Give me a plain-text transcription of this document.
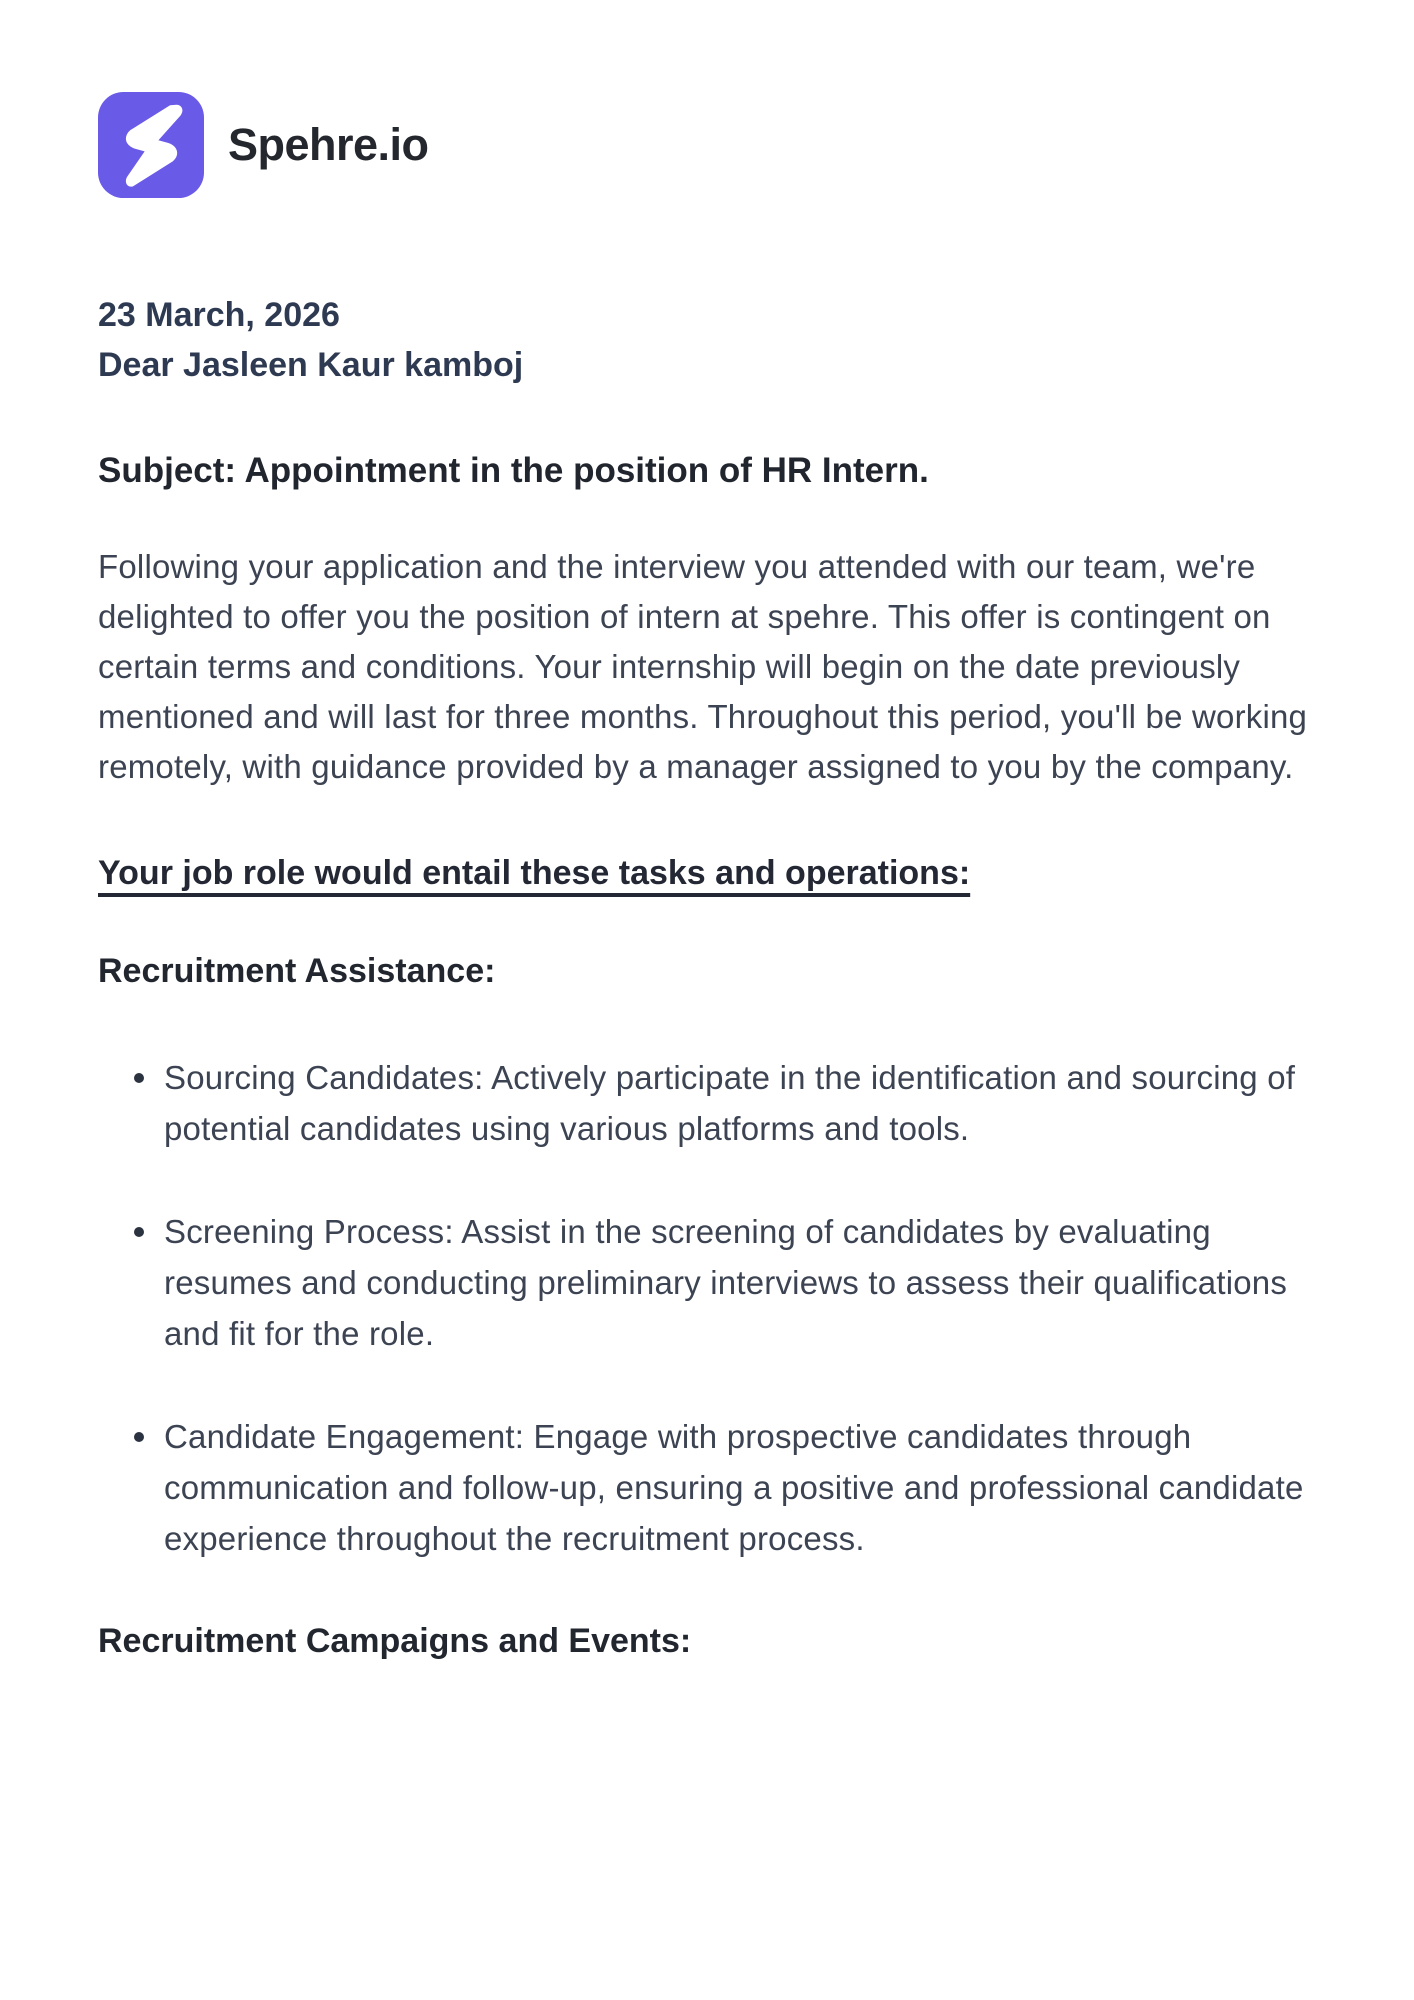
Spehre.io

23 March, 2026

Dear Jasleen Kaur kamboj

Subject: Appointment in the position of HR Intern.

Following your application and the interview you attended with our team, we're delighted to offer you the position of intern at spehre. This offer is contingent on certain terms and conditions. Your internship will begin on the date previously mentioned and will last for three months. Throughout this period, you'll be working remotely, with guidance provided by a manager assigned to you by the company.

Your job role would entail these tasks and operations:
Recruitment Assistance:
Sourcing Candidates: Actively participate in the identification and sourcing of potential candidates using various platforms and tools.
Screening Process: Assist in the screening of candidates by evaluating resumes and conducting preliminary interviews to assess their qualifications and fit for the role.
Candidate Engagement: Engage with prospective candidates through communication and follow-up, ensuring a positive and professional candidate experience throughout the recruitment process.
Recruitment Campaigns and Events:
